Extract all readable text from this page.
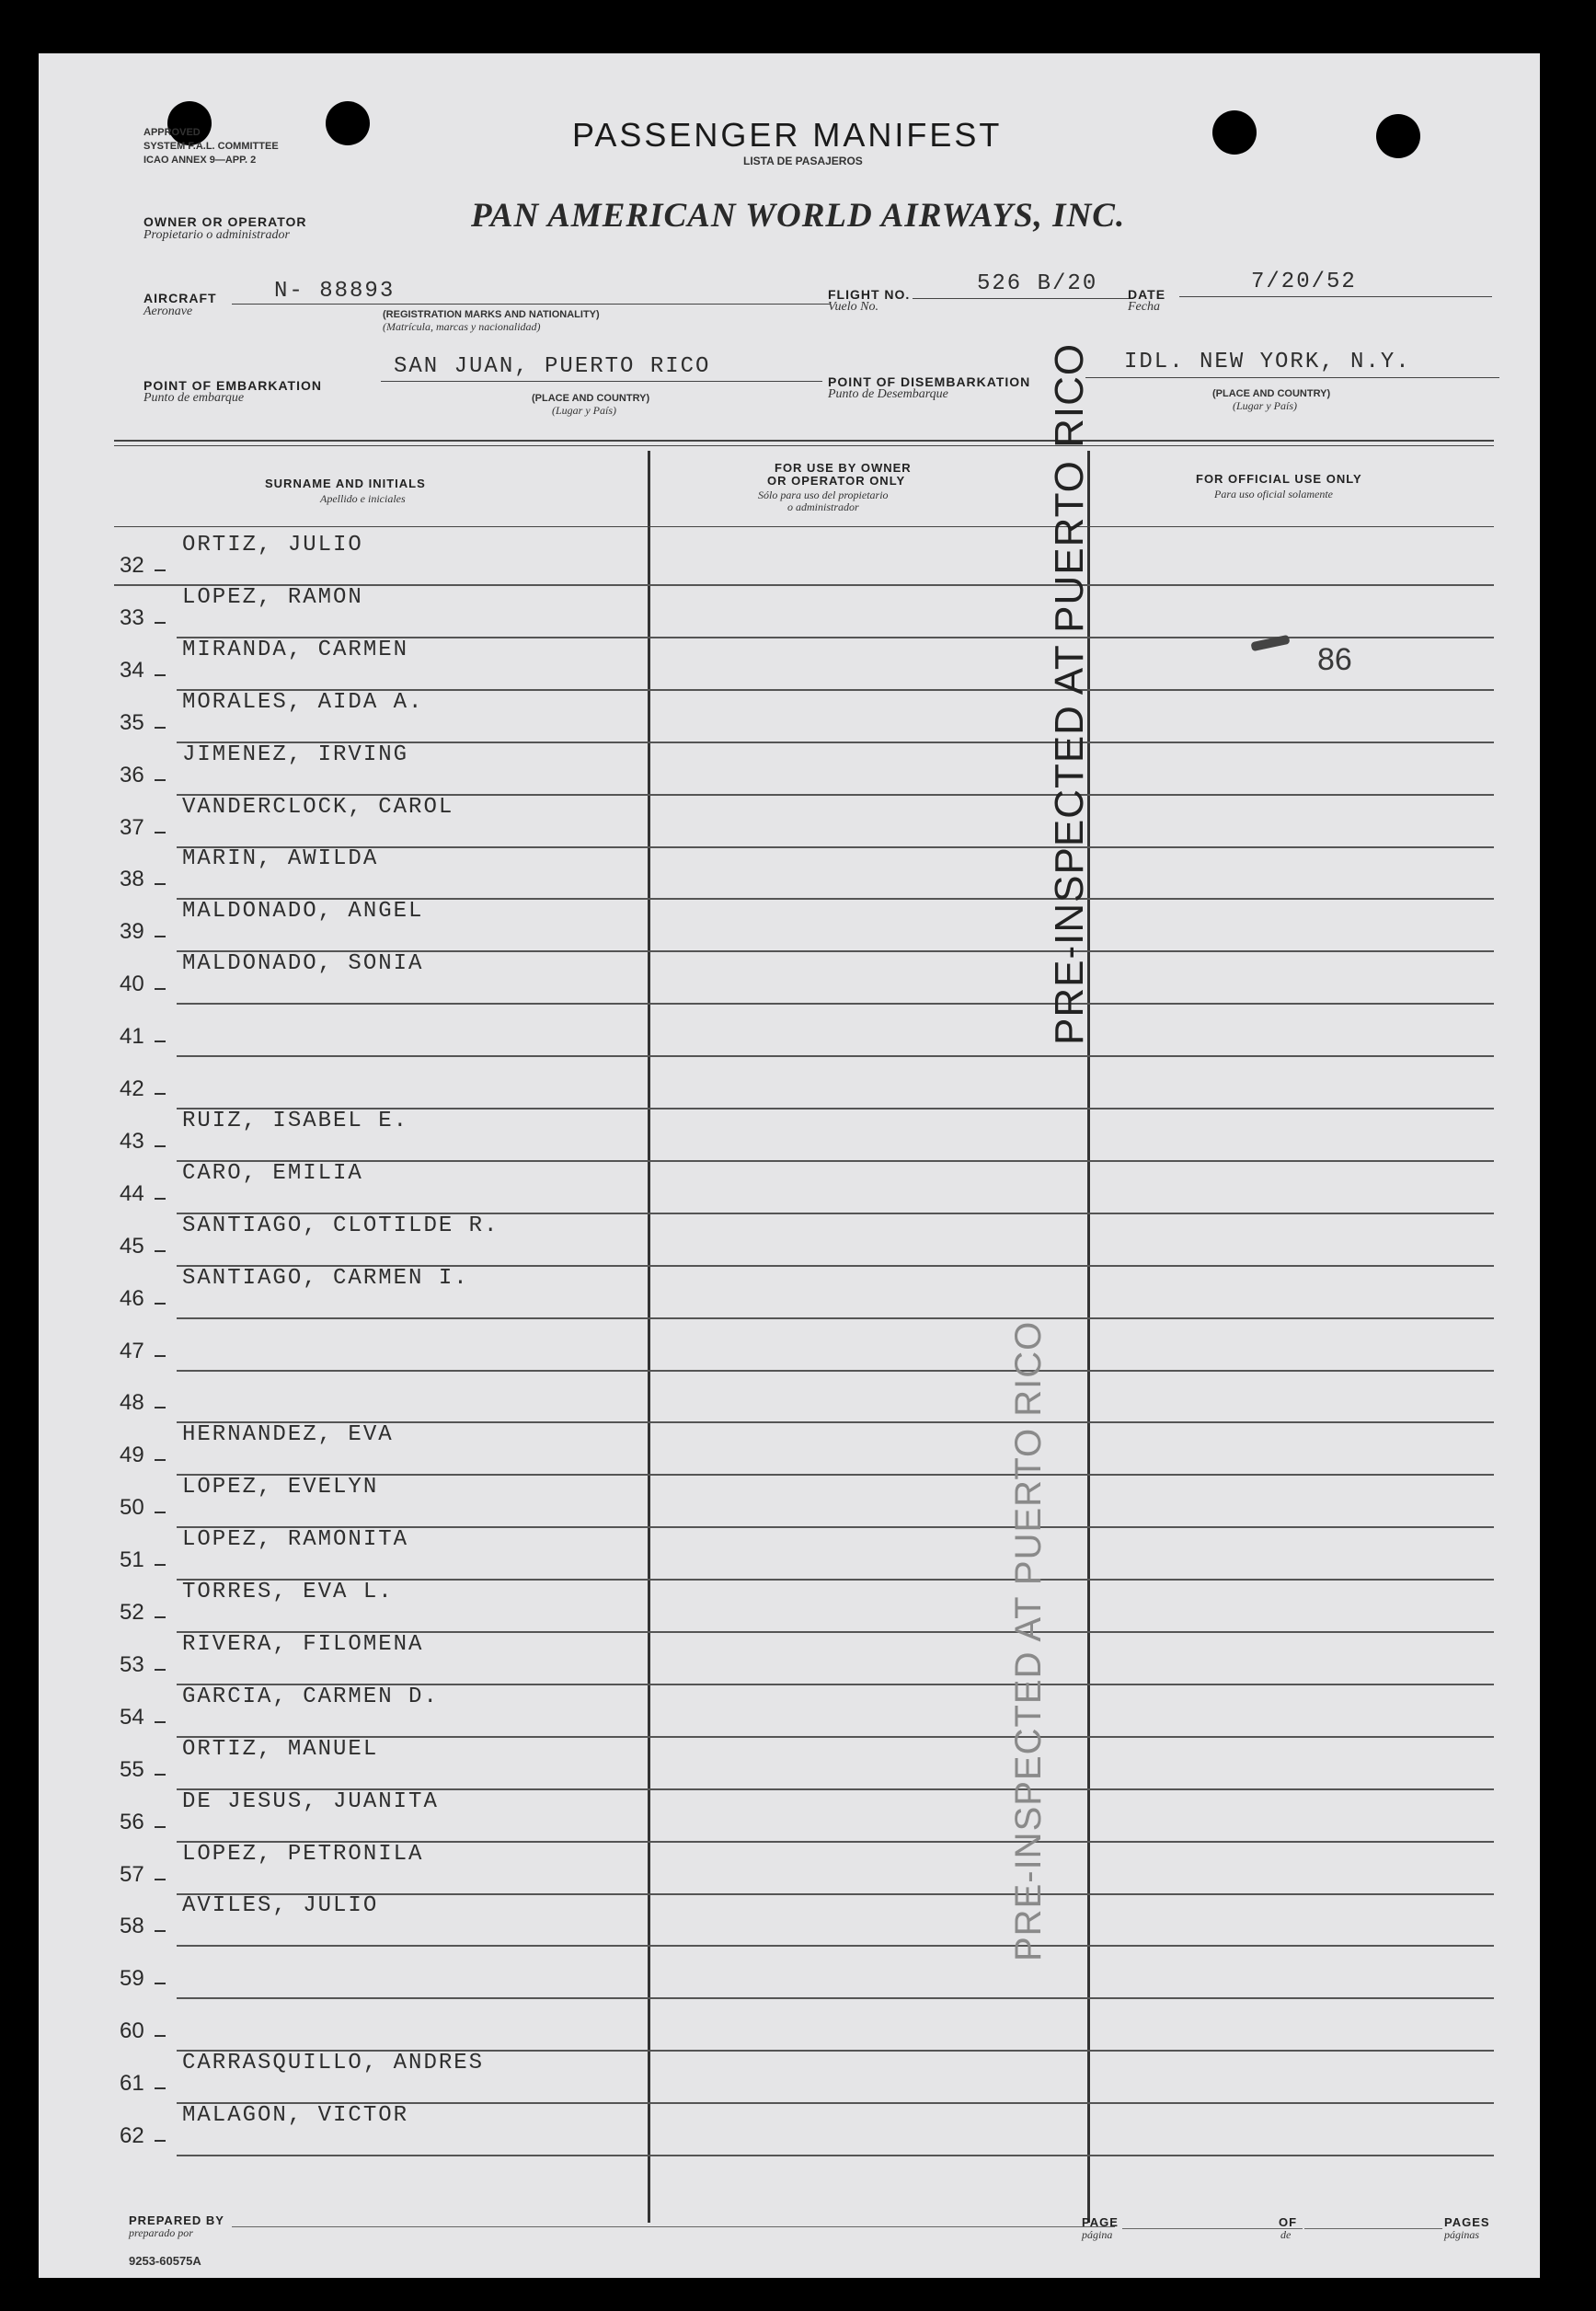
APPROVED
SYSTEM F.A.L. COMMITTEE
ICAO ANNEX 9—APP. 2
PASSENGER MANIFEST
LISTA DE PASAJEROS
OWNER OR OPERATOR
Propietario o administrador
PAN AMERICAN WORLD AIRWAYS, INC.
AIRCRAFT
Aeronave
N- 88893
(REGISTRATION MARKS AND NATIONALITY)
(Matrícula, marcas y nacionalidad)
FLIGHT NO.
Vuelo No.
526 B/20 DATE
Fecha
7/20/52
POINT OF EMBARKATION
Punto de embarque
SAN JUAN, PUERTO RICO
(PLACE AND COUNTRY)
(Lugar y País)
POINT OF DISEMBARKATION
Punto de Desembarque
IDL. NEW YORK, N.Y.
(PLACE AND COUNTRY)
(Lugar y País)
SURNAME AND INITIALS
Apellido e iniciales
FOR USE BY OWNER
OR OPERATOR ONLY
Sólo para uso del propietario
o administrador
FOR OFFICIAL USE ONLY
Para uso oficial solamente
32
ORTIZ, JULIO
33
LOPEZ, RAMON
34
MIRANDA, CARMEN
35
MORALES, AIDA A.
36
JIMENEZ, IRVING
37
VANDERCLOCK, CAROL
38
MARIN, AWILDA
39
MALDONADO, ANGEL
40
MALDONADO, SONIA
41
42
43
RUIZ, ISABEL E.
44
CARO, EMILIA
45
SANTIAGO, CLOTILDE R.
46
SANTIAGO, CARMEN I.
47
48
49
HERNANDEZ, EVA
50
LOPEZ, EVELYN
51
LOPEZ, RAMONITA
52
TORRES, EVA L.
53
RIVERA, FILOMENA
54
GARCIA, CARMEN D.
55
ORTIZ, MANUEL
56
DE JESUS, JUANITA
57
LOPEZ, PETRONILA
58
AVILES, JULIO
59
60
61
CARRASQUILLO, ANDRES
62
MALAGON, VICTOR
86
PRE-INSPECTED AT PUERTO RICO
PRE-INSPECTED AT PUERTO RICO
PREPARED BY
preparado por
PAGE
página
OF
de
PAGES
páginas
9253-60575A
